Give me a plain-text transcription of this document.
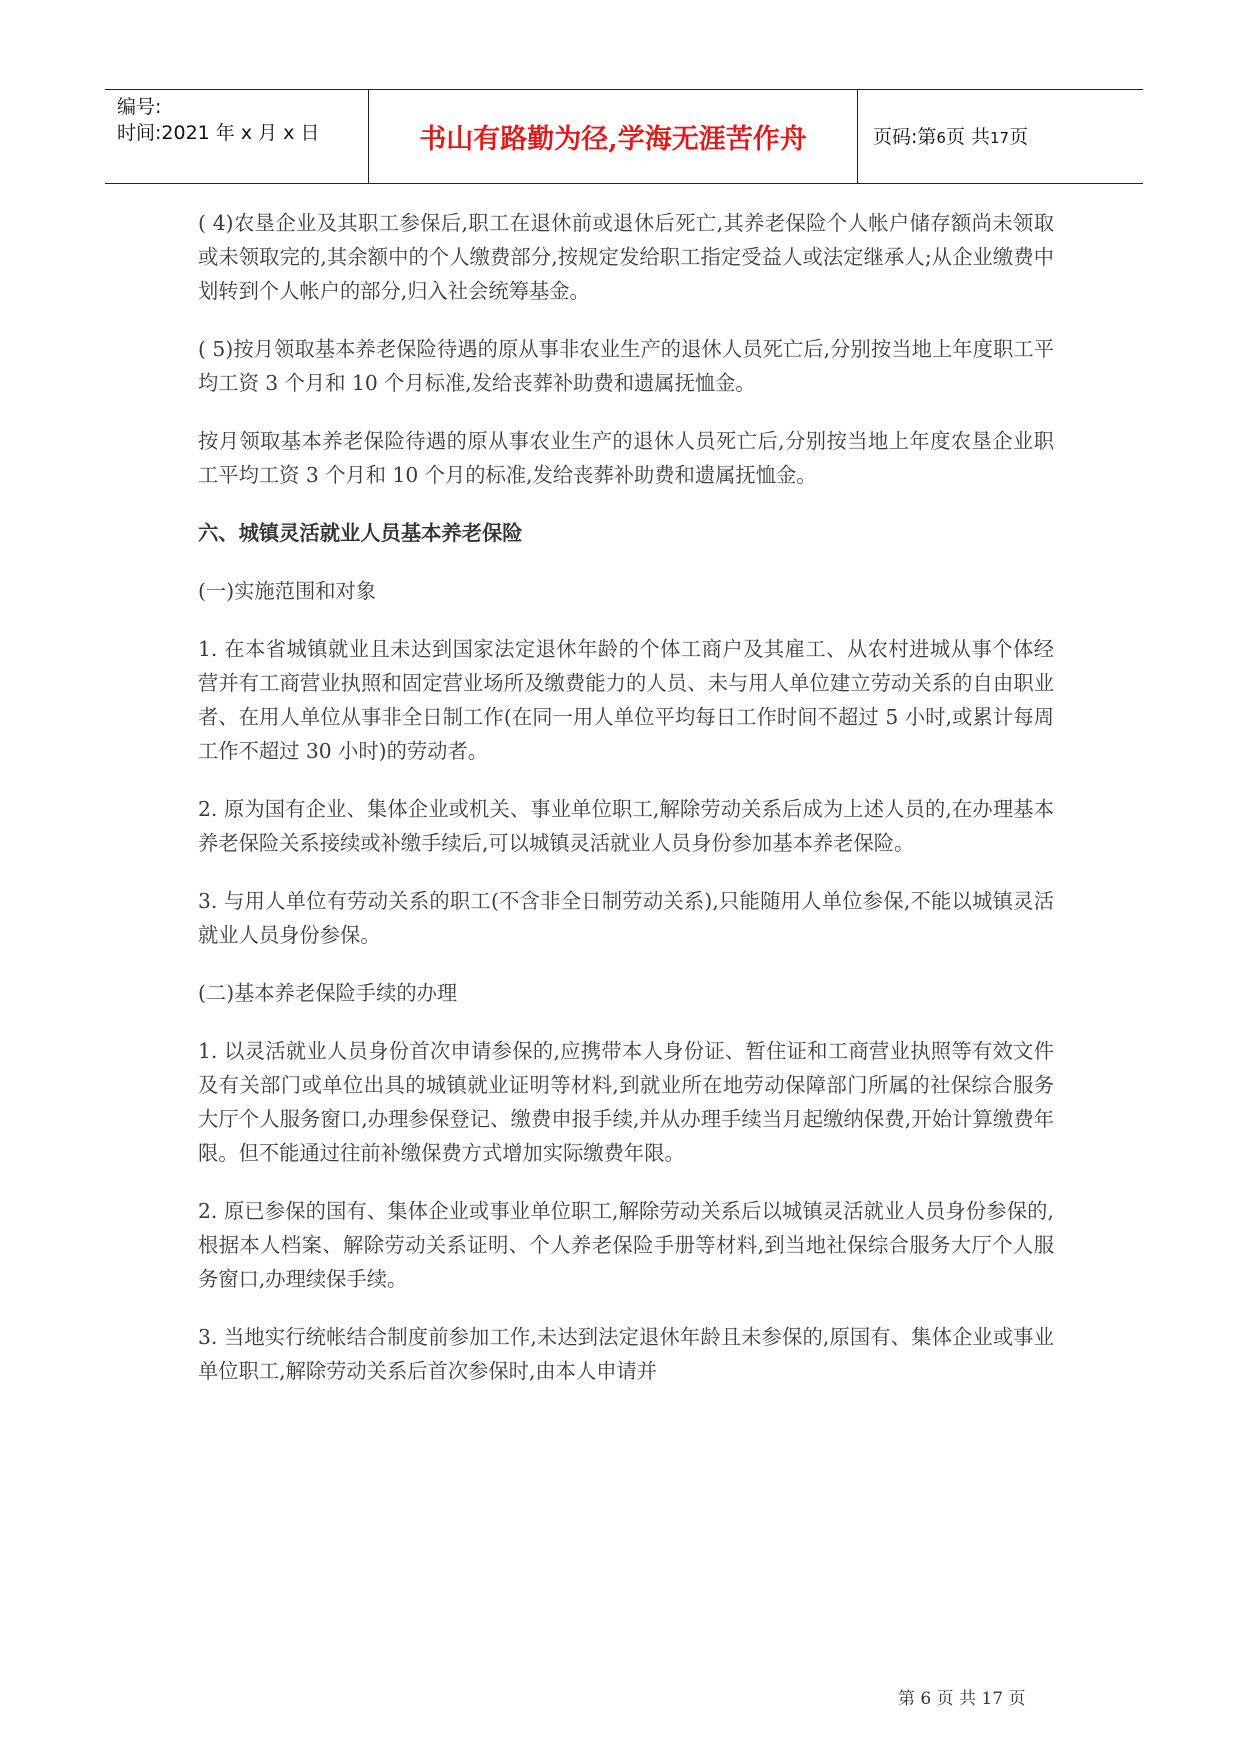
编号:
时间:2021 年 x 月 x 日	书山有路勤为径,学海无涯苦作舟	页码:第6页 共17页

( 4)农垦企业及其职工参保后,职工在退休前或退休后死亡,其养老保险个人帐户储存额尚未领取或未领取完的,其余额中的个人缴费部分,按规定发给职工指定受益人或法定继承人;从企业缴费中划转到个人帐户的部分,归入社会统筹基金。

( 5)按月领取基本养老保险待遇的原从事非农业生产的退休人员死亡后,分别按当地上年度职工平均工资 3 个月和 10 个月标准,发给丧葬补助费和遗属抚恤金。

按月领取基本养老保险待遇的原从事农业生产的退休人员死亡后,分别按当地上年度农垦企业职工平均工资 3 个月和 10 个月的标准,发给丧葬补助费和遗属抚恤金。

六、城镇灵活就业人员基本养老保险

(一)实施范围和对象

1. 在本省城镇就业且未达到国家法定退休年龄的个体工商户及其雇工、从农村进城从事个体经营并有工商营业执照和固定营业场所及缴费能力的人员、未与用人单位建立劳动关系的自由职业者、在用人单位从事非全日制工作(在同一用人单位平均每日工作时间不超过 5 小时,或累计每周工作不超过 30 小时)的劳动者。

2. 原为国有企业、集体企业或机关、事业单位职工,解除劳动关系后成为上述人员的,在办理基本养老保险关系接续或补缴手续后,可以城镇灵活就业人员身份参加基本养老保险。

3. 与用人单位有劳动关系的职工(不含非全日制劳动关系),只能随用人单位参保,不能以城镇灵活就业人员身份参保。

(二)基本养老保险手续的办理

1. 以灵活就业人员身份首次申请参保的,应携带本人身份证、暂住证和工商营业执照等有效文件及有关部门或单位出具的城镇就业证明等材料,到就业所在地劳动保障部门所属的社保综合服务大厅个人服务窗口,办理参保登记、缴费申报手续,并从办理手续当月起缴纳保费,开始计算缴费年限。但不能通过往前补缴保费方式增加实际缴费年限。

2. 原已参保的国有、集体企业或事业单位职工,解除劳动关系后以城镇灵活就业人员身份参保的,根据本人档案、解除劳动关系证明、个人养老保险手册等材料,到当地社保综合服务大厅个人服务窗口,办理续保手续。

3. 当地实行统帐结合制度前参加工作,未达到法定退休年龄且未参保的,原国有、集体企业或事业单位职工,解除劳动关系后首次参保时,由本人申请并

第 6 页 共 17 页
